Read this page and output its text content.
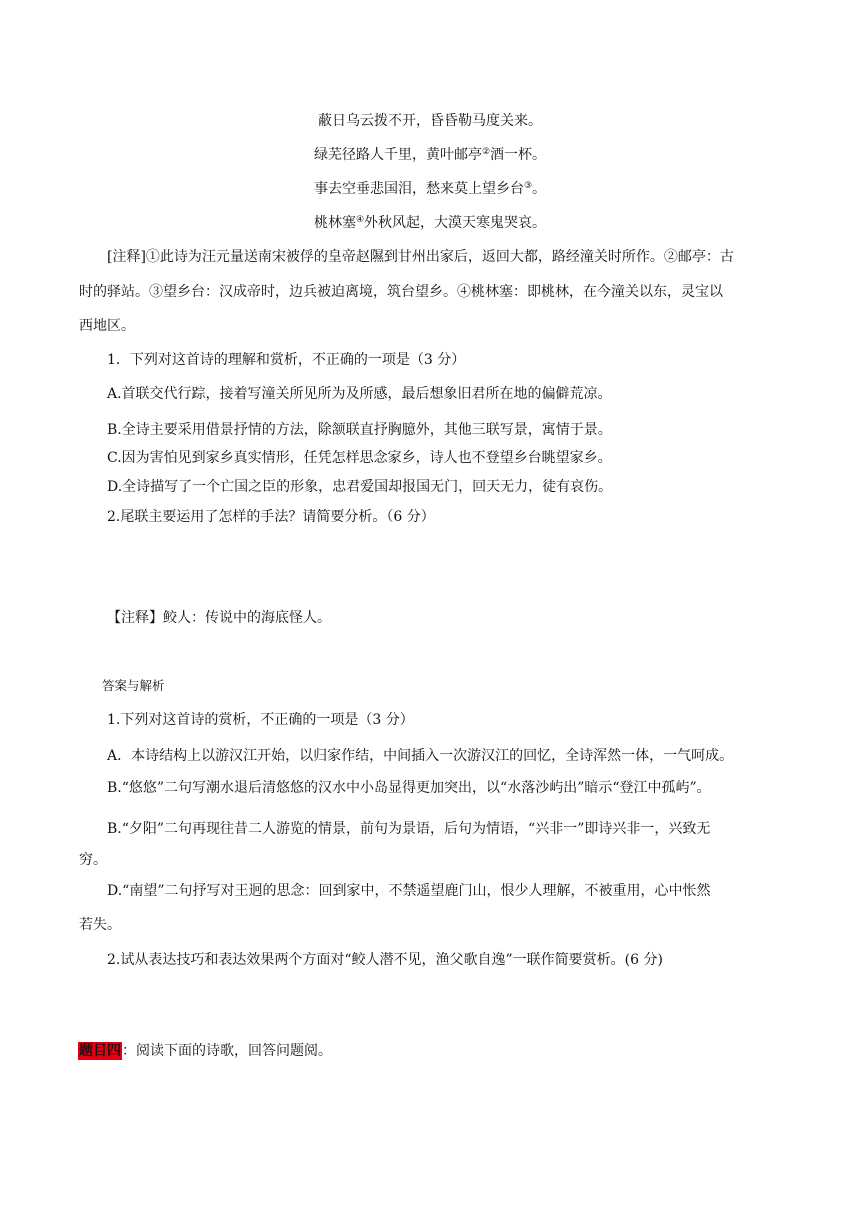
蔽日乌云拨不开，昏昏勒马度关来。
绿芜径路人千里，黄叶邮亭②酒一杯。
事去空垂悲国泪，愁来莫上望乡台③。
桃林塞④外秋风起，大漠天寒鬼哭哀。
[注释]①此诗为汪元量送南宋被俘的皇帝赵隰到甘州出家后，返回大都，路经潼关时所作。②邮亭：古
时的驿站。③望乡台：汉成帝时，边兵被迫离境，筑台望乡。④桃林塞：即桃林，在今潼关以东，灵宝以
西地区。
1．下列对这首诗的理解和赏析，不正确的一项是（3 分）
A.首联交代行踪，接着写潼关所见所为及所感，最后想象旧君所在地的偏僻荒凉。
B.全诗主要采用借景抒情的方法，除颔联直抒胸臆外，其他三联写景，寓情于景。
C.因为害怕见到家乡真实情形，任凭怎样思念家乡，诗人也不登望乡台眺望家乡。
D.全诗描写了一个亡国之臣的形象，忠君爱国却报国无门，回天无力，徒有哀伤。
2.尾联主要运用了怎样的手法？请简要分析。（6 分）
【注释】鲛人：传说中的海底怪人。
答案与解析
1.下列对这首诗的赏析，不正确的一项是（3 分）
A．本诗结构上以游汉江开始，以归家作结，中间插入一次游汉江的回忆，全诗浑然一体，一气呵成。
B.“悠悠”二句写潮水退后清悠悠的汉水中小岛显得更加突出，以“水落沙屿出”暗示“登江中孤屿”。
B.“夕阳”二句再现往昔二人游览的情景，前句为景语，后句为情语，“兴非一”即诗兴非一，兴致无
穷。
D.“南望”二句抒写对王迥的思念：回到家中，不禁遥望鹿门山，恨少人理解，不被重用，心中怅然
若失。
2.试从表达技巧和表达效果两个方面对“鲛人潜不见，渔父歌自逸”一联作简要赏析。(6 分)
题目四：阅读下面的诗歌，回答问题阅。
